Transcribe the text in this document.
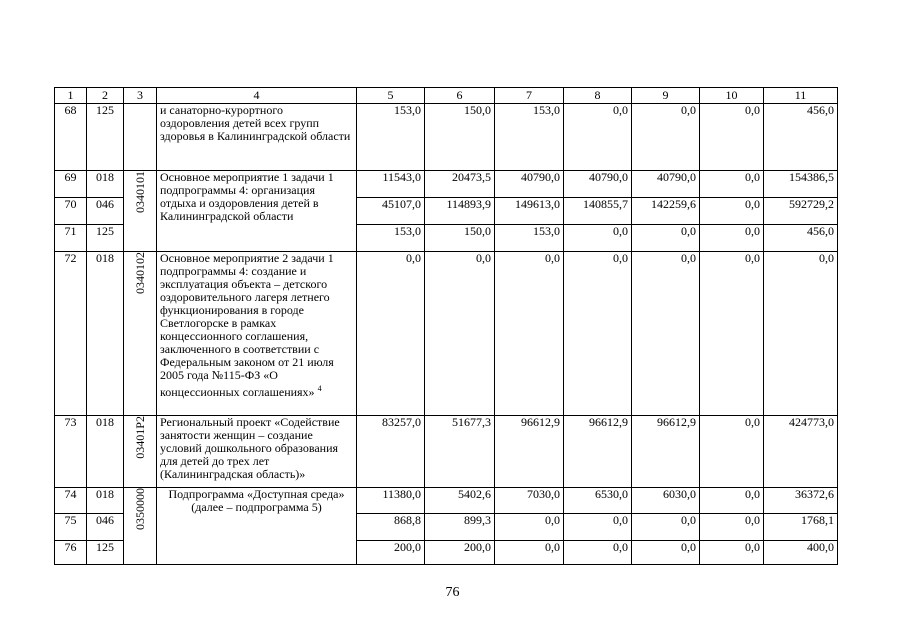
1	2	3	4	5	6	7	8	9	10	11
68	125		и санаторно-курортного оздоровления детей всех групп здоровья в Калининградской области	153,0	150,0	153,0	0,0	0,0	0,0	456,0
69	018	0340101	Основное мероприятие 1 задачи 1 подпрограммы 4: организация отдыха и оздоровления детей в Калининградской области	11543,0	20473,5	40790,0	40790,0	40790,0	0,0	154386,5
70	046			45107,0	114893,9	149613,0	140855,7	142259,6	0,0	592729,2
71	125			153,0	150,0	153,0	0,0	0,0	0,0	456,0
72	018	0340102	Основное мероприятие 2 задачи 1 подпрограммы 4: создание и эксплуатация объекта – детского оздоровительного лагеря летнего функционирования в городе Светлогорске в рамках концессионного соглашения, заключенного в соответствии с Федеральным законом от 21 июля 2005 года №115-ФЗ «О концессионных соглашениях» $^4$	0,0	0,0	0,0	0,0	0,0	0,0	0,0
73	018	03401P2	Региональный проект «Содействие занятости женщин – создание условий дошкольного образования для детей до трех лет (Калининградская область)»	83257,0	51677,3	96612,9	96612,9	96612,9	0,0	424773,0
74	018	0350000	Подпрограмма «Доступная среда» (далее – подпрограмма 5)	11380,0	5402,6	7030,0	6530,0	6030,0	0,0	36372,6
75	046			868,8	899,3	0,0	0,0	0,0	0,0	1768,1
76	125			200,0	200,0	0,0	0,0	0,0	0,0	400,0
76
